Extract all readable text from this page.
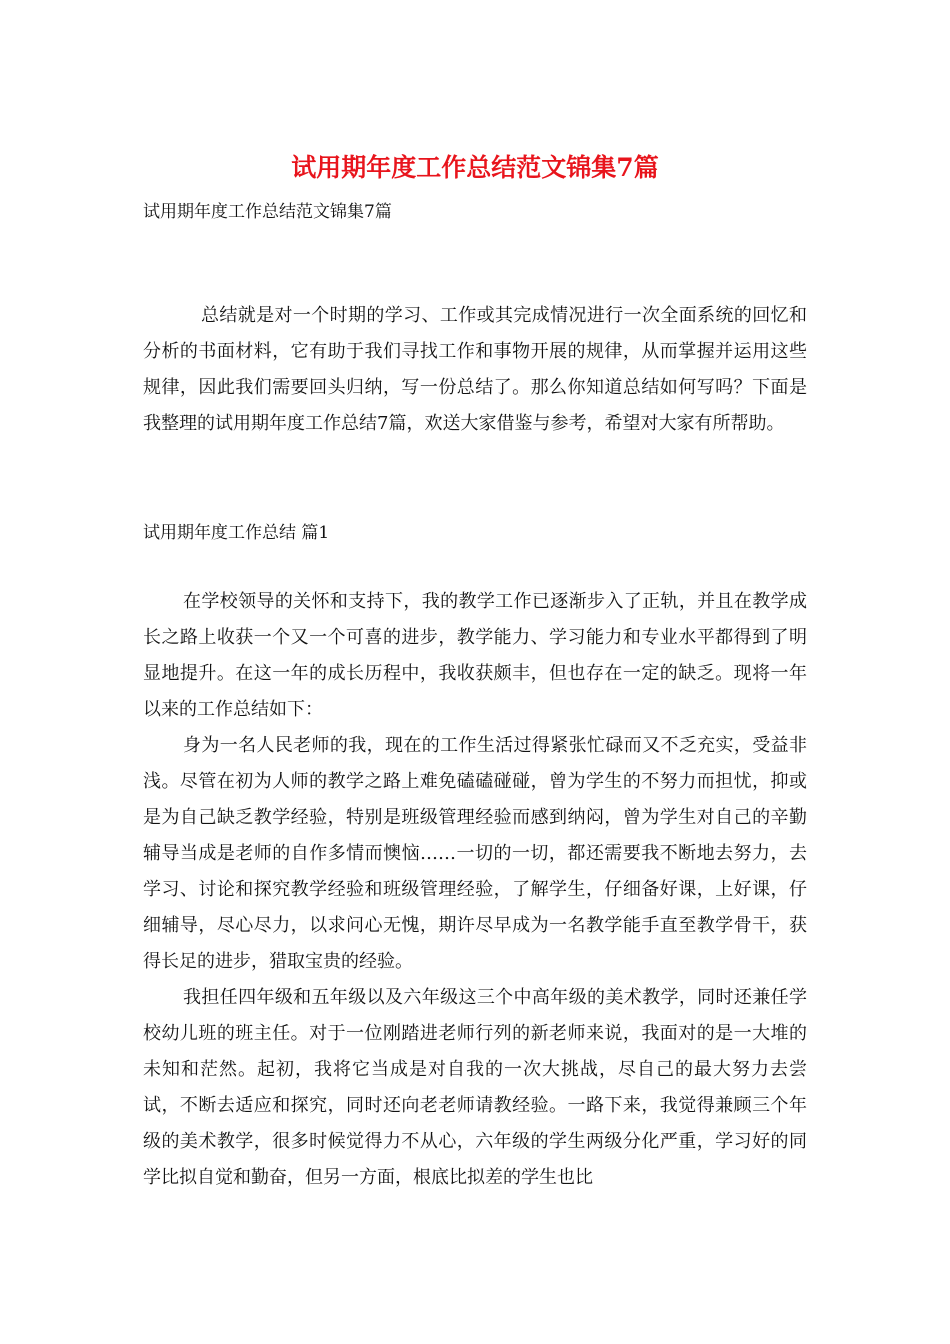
试用期年度工作总结范文锦集7篇

试用期年度工作总结范文锦集7篇

总结就是对一个时期的学习、工作或其完成情况进行一次全面系统的回忆和分析的书面材料，它有助于我们寻找工作和事物开展的规律，从而掌握并运用这些规律，因此我们需要回头归纳，写一份总结了。那么你知道总结如何写吗？下面是我整理的试用期年度工作总结7篇，欢送大家借鉴与参考，希望对大家有所帮助。

试用期年度工作总结 篇1

在学校领导的关怀和支持下，我的教学工作已逐渐步入了正轨，并且在教学成长之路上收获一个又一个可喜的进步，教学能力、学习能力和专业水平都得到了明显地提升。在这一年的成长历程中，我收获颇丰，但也存在一定的缺乏。现将一年以来的工作总结如下：

身为一名人民老师的我，现在的工作生活过得紧张忙碌而又不乏充实，受益非浅。尽管在初为人师的教学之路上难免磕磕碰碰，曾为学生的不努力而担忧，抑或是为自己缺乏教学经验，特别是班级管理经验而感到纳闷，曾为学生对自己的辛勤辅导当成是老师的自作多情而懊恼……一切的一切，都还需要我不断地去努力，去学习、讨论和探究教学经验和班级管理经验，了解学生，仔细备好课，上好课，仔细辅导，尽心尽力，以求问心无愧，期许尽早成为一名教学能手直至教学骨干，获得长足的进步，猎取宝贵的经验。

我担任四年级和五年级以及六年级这三个中高年级的美术教学，同时还兼任学校幼儿班的班主任。对于一位刚踏进老师行列的新老师来说，我面对的是一大堆的未知和茫然。起初，我将它当成是对自我的一次大挑战，尽自己的最大努力去尝试，不断去适应和探究，同时还向老老师请教经验。一路下来，我觉得兼顾三个年级的美术教学，很多时候觉得力不从心，六年级的学生两级分化严重，学习好的同学比拟自觉和勤奋，但另一方面，根底比拟差的学生也比
